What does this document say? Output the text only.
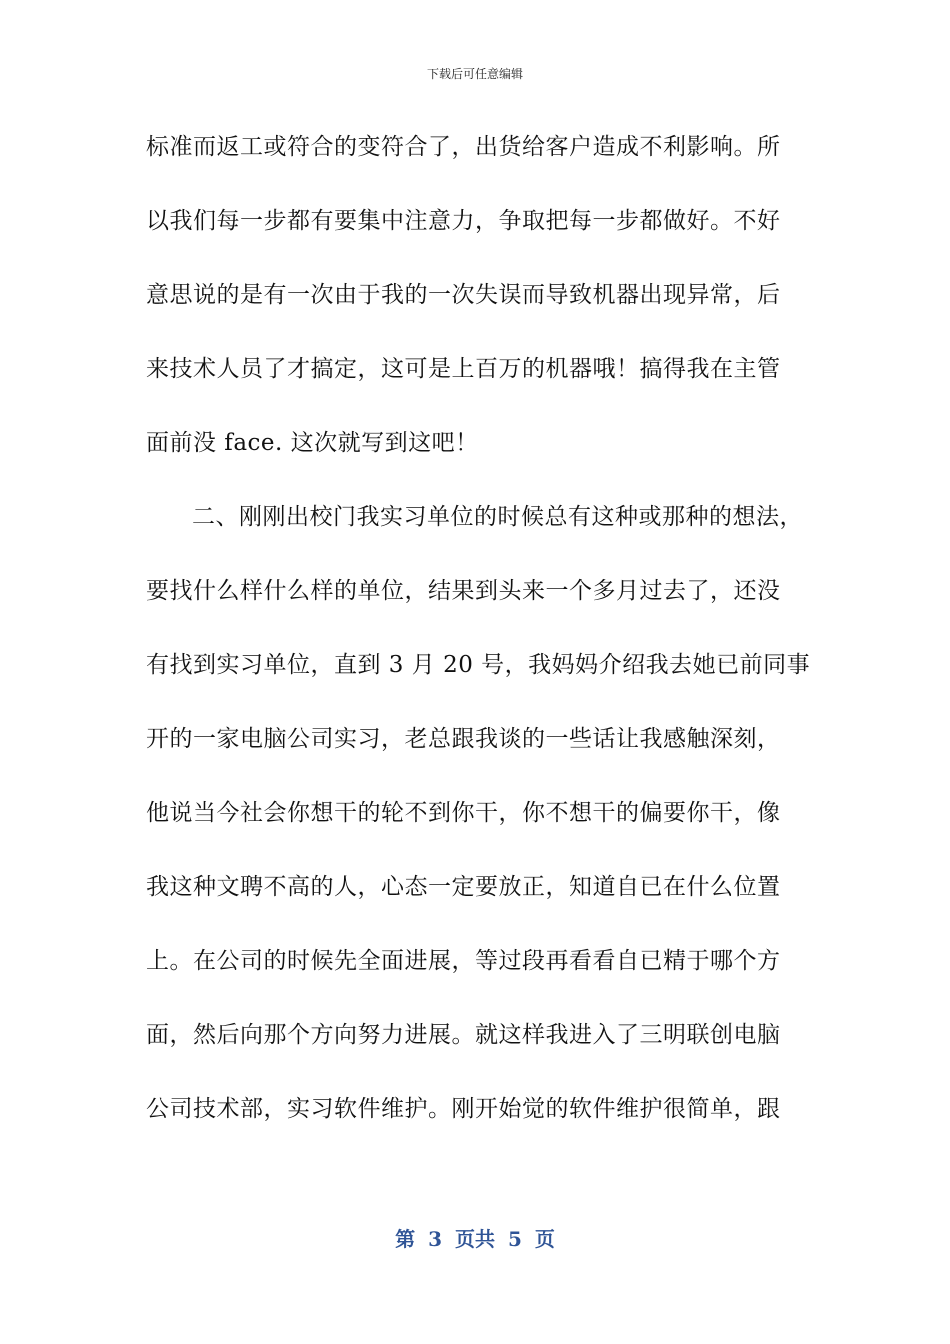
下载后可任意编辑
标准而返工或符合的变符合了，出货给客户造成不利影响。所
以我们每一步都有要集中注意力，争取把每一步都做好。不好
意思说的是有一次由于我的一次失误而导致机器出现异常，后
来技术人员了才搞定，这可是上百万的机器哦！搞得我在主管
面前没 face. 这次就写到这吧！
二、刚刚出校门我实习单位的时候总有这种或那种的想法，
要找什么样什么样的单位，结果到头来一个多月过去了，还没
有找到实习单位，直到 3 月 20 号，我妈妈介绍我去她已前同事
开的一家电脑公司实习，老总跟我谈的一些话让我感触深刻，
他说当今社会你想干的轮不到你干，你不想干的偏要你干，像
我这种文聘不高的人，心态一定要放正，知道自已在什么位置
上。在公司的时候先全面进展，等过段再看看自已精于哪个方
面，然后向那个方向努力进展。就这样我进入了三明联创电脑
公司技术部，实习软件维护。刚开始觉的软件维护很简单，跟
第 3 页共 5 页
